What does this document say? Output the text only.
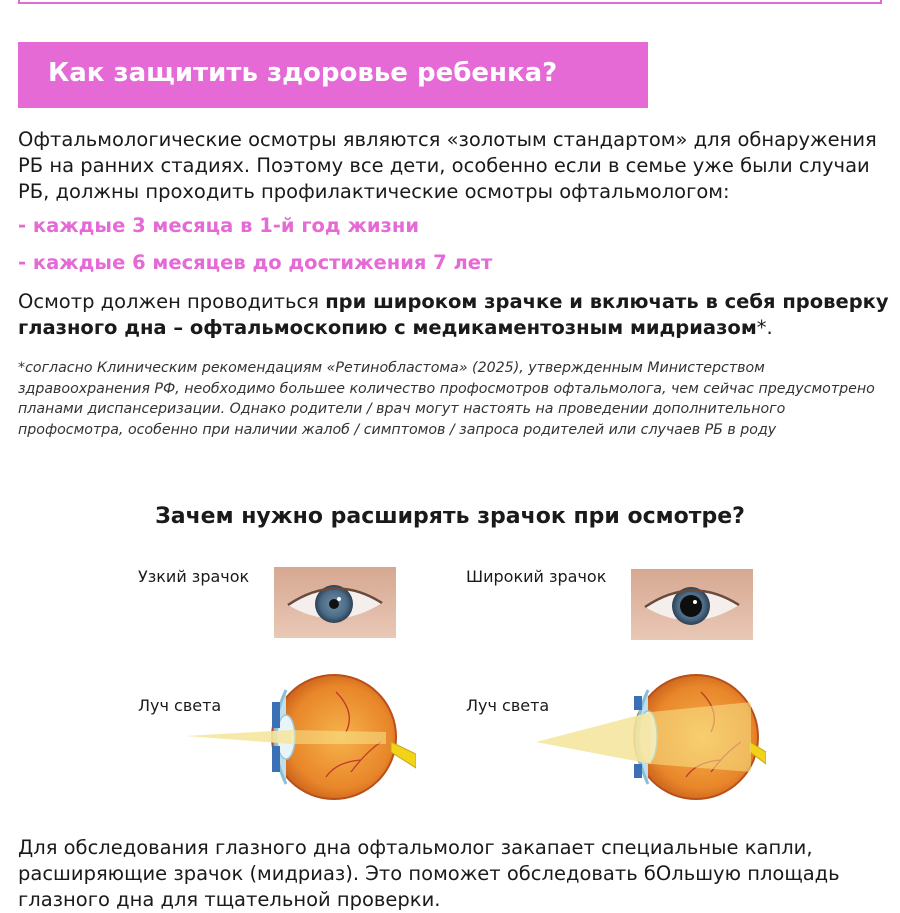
Как защитить здоровье ребенка?
Офтальмологические осмотры являются «золотым стандартом» для обнаружения РБ на ранних стадиях. Поэтому все дети, особенно если в семье уже были случаи РБ, должны проходить профилактические осмотры офтальмологом:
- каждые 3 месяца в 1-й год жизни
- каждые 6 месяцев до достижения 7 лет
Осмотр должен проводиться при широком зрачке и включать в себя проверку глазного дна – офтальмоскопию с медикаментозным мидриазом*.
*согласно Клиническим рекомендациям «Ретинобластома» (2025), утвержденным Министерством здравоохранения РФ, необходимо большее количество профосмотров офтальмолога, чем сейчас предусмотрено планами диспансеризации. Однако родители / врач могут настоять на проведении дополнительного профосмотра, особенно при наличии жалоб / симптомов / запроса родителей или случаев РБ в роду
Зачем нужно расширять зрачок при осмотре?
Узкий зрачок	Широкий зрачок
Луч света	Луч света
Для обследования глазного дна офтальмолог закапает специальные капли, расширяющие зрачок (мидриаз). Это поможет обследовать бОльшую площадь глазного дна для тщательной проверки.
